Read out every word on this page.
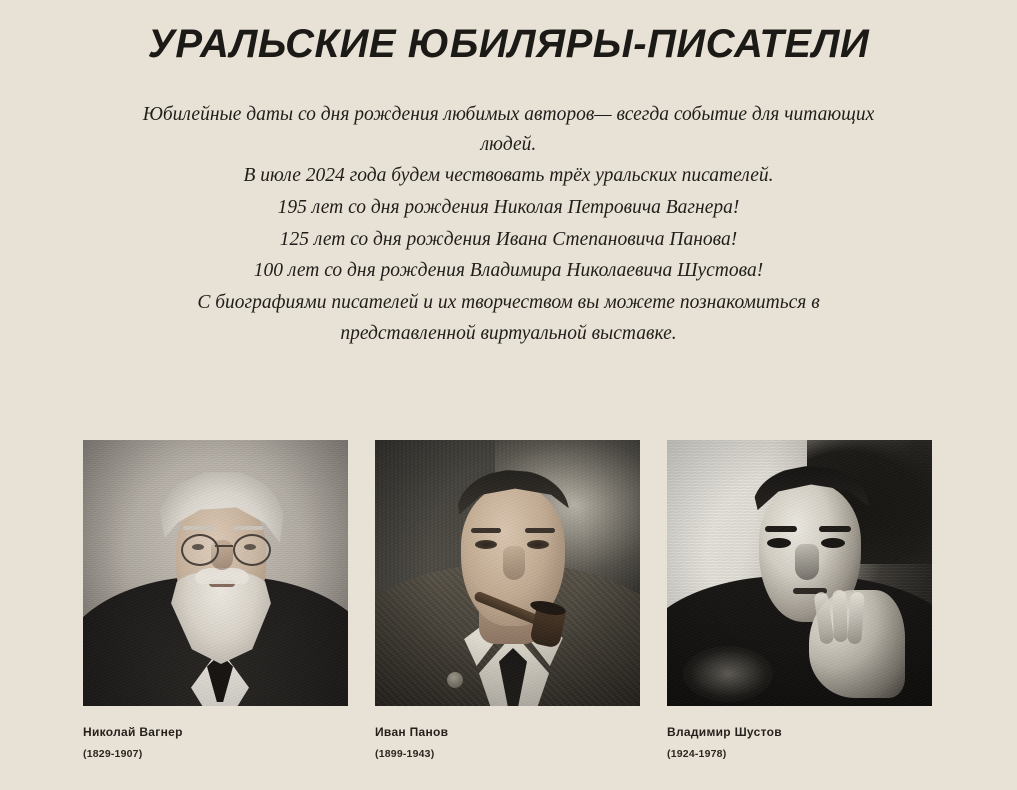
УРАЛЬСКИЕ ЮБИЛЯРЫ-ПИСАТЕЛИ

Юбилейные даты со дня рождения любимых авторов— всегда событие для читающих людей.

В июле 2024 года будем чествовать трёх уральских писателей.

195 лет со дня рождения Николая Петровича Вагнера!

125 лет со дня рождения Ивана Степановича Панова!

100 лет со дня рождения Владимира Николаевича Шустова!

С биографиями писателей и их творчеством вы можете познакомиться в представленной виртуальной выставке.

Николай Вагнер
(1829-1907)
Иван Панов
(1899-1943)
Владимир Шустов
(1924-1978)
